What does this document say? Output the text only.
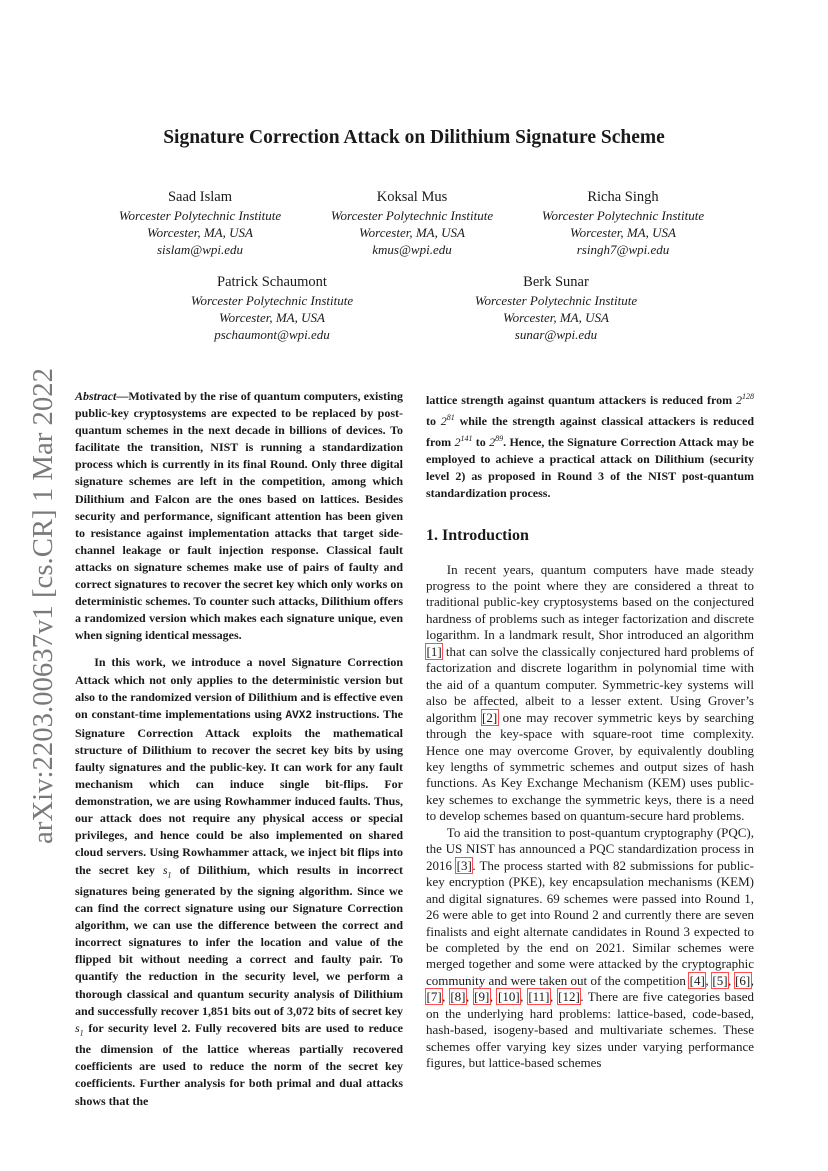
arXiv:2203.00637v1 [cs.CR] 1 Mar 2022
Signature Correction Attack on Dilithium Signature Scheme
Saad Islam
Worcester Polytechnic Institute
Worcester, MA, USA
sislam@wpi.edu
Koksal Mus
Worcester Polytechnic Institute
Worcester, MA, USA
kmus@wpi.edu
Richa Singh
Worcester Polytechnic Institute
Worcester, MA, USA
rsingh7@wpi.edu
Patrick Schaumont
Worcester Polytechnic Institute
Worcester, MA, USA
pschaumont@wpi.edu
Berk Sunar
Worcester Polytechnic Institute
Worcester, MA, USA
sunar@wpi.edu

Abstract—Motivated by the rise of quantum computers, existing public-key cryptosystems are expected to be replaced by post-quantum schemes in the next decade in billions of devices. To facilitate the transition, NIST is running a standardization process which is currently in its final Round. Only three digital signature schemes are left in the competition, among which Dilithium and Falcon are the ones based on lattices. Besides security and performance, significant attention has been given to resistance against implementation attacks that target side-channel leakage or fault injection response. Classical fault attacks on signature schemes make use of pairs of faulty and correct signatures to recover the secret key which only works on deterministic schemes. To counter such attacks, Dilithium offers a randomized version which makes each signature unique, even when signing identical messages.

In this work, we introduce a novel Signature Correction Attack which not only applies to the deterministic version but also to the randomized version of Dilithium and is effective even on constant-time implementations using AVX2 instructions. The Signature Correction Attack exploits the mathematical structure of Dilithium to recover the secret key bits by using faulty signatures and the public-key. It can work for any fault mechanism which can induce single bit-flips. For demonstration, we are using Rowhammer induced faults. Thus, our attack does not require any physical access or special privileges, and hence could be also implemented on shared cloud servers. Using Rowhammer attack, we inject bit flips into the secret key $s_1$ of Dilithium, which results in incorrect signatures being generated by the signing algorithm. Since we can find the correct signature using our Signature Correction algorithm, we can use the difference between the correct and incorrect signatures to infer the location and value of the flipped bit without needing a correct and faulty pair. To quantify the reduction in the security level, we perform a thorough classical and quantum security analysis of Dilithium and successfully recover 1,851 bits out of 3,072 bits of secret key $s_1$ for security level 2. Fully recovered bits are used to reduce the dimension of the lattice whereas partially recovered coefficients are used to reduce the norm of the secret key coefficients. Further analysis for both primal and dual attacks shows that the

lattice strength against quantum attackers is reduced from $2^{128}$ to $2^{81}$ while the strength against classical attackers is reduced from $2^{141}$ to $2^{89}$. Hence, the Signature Correction Attack may be employed to achieve a practical attack on Dilithium (security level 2) as proposed in Round 3 of the NIST post-quantum standardization process.

1. Introduction

In recent years, quantum computers have made steady progress to the point where they are considered a threat to traditional public-key cryptosystems based on the conjectured hardness of problems such as integer factorization and discrete logarithm. In a landmark result, Shor introduced an algorithm [1] that can solve the classically conjectured hard problems of factorization and discrete logarithm in polynomial time with the aid of a quantum computer. Symmetric-key systems will also be affected, albeit to a lesser extent. Using Grover’s algorithm [2] one may recover symmetric keys by searching through the key-space with square-root time complexity. Hence one may overcome Grover, by equivalently doubling key lengths of symmetric schemes and output sizes of hash functions. As Key Exchange Mechanism (KEM) uses public-key schemes to exchange the symmetric keys, there is a need to develop schemes based on quantum-secure hard problems.

To aid the transition to post-quantum cryptography (PQC), the US NIST has announced a PQC standardization process in 2016 [3]. The process started with 82 submissions for public-key encryption (PKE), key encapsulation mechanisms (KEM) and digital signatures. 69 schemes were passed into Round 1, 26 were able to get into Round 2 and currently there are seven finalists and eight alternate candidates in Round 3 expected to be completed by the end on 2021. Similar schemes were merged together and some were attacked by the cryptographic community and were taken out of the competition [4], [5], [6], [7], [8], [9], [10], [11], [12]. There are five categories based on the underlying hard problems: lattice-based, code-based, hash-based, isogeny-based and multivariate schemes. These schemes offer varying key sizes under varying performance figures, but lattice-based schemes
